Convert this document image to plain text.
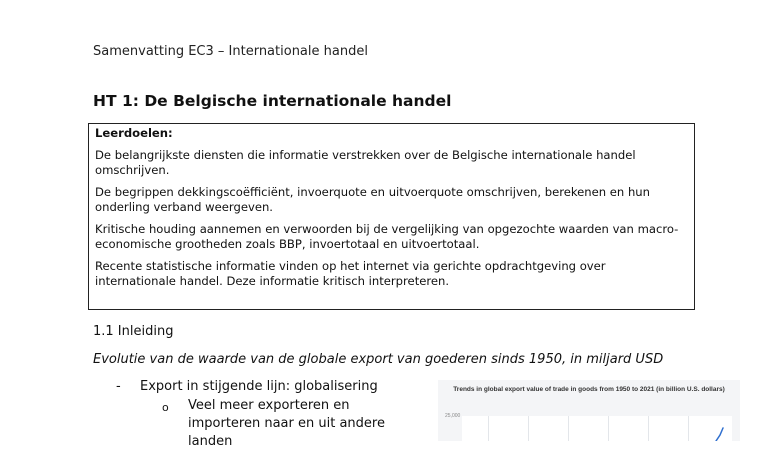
Samenvatting EC3 – Internationale handel
HT 1: De Belgische internationale handel
Leerdoelen:

De belangrijkste diensten die informatie verstrekken over de Belgische internationale handel omschrijven.

De begrippen dekkingscoëfficiënt, invoerquote en uitvoerquote omschrijven, berekenen en hun onderling verband weergeven.

Kritische houding aannemen en verwoorden bij de vergelijking van opgezochte waarden van macro-economische grootheden zoals BBP, invoertotaal en uitvoertotaal.

Recente statistische informatie vinden op het internet via gerichte opdrachtgeving over internationale handel. Deze informatie kritisch interpreteren.

1.1 Inleiding
Evolutie van de waarde van de globale export van goederen sinds 1950, in miljard USD
-	Export in stijgende lijn: globalisering
o	Veel meer exporteren en importeren naar en uit andere landen
Trends in global export value of trade in goods from 1950 to 2021 (in billion U.S. dollars)
25,000
